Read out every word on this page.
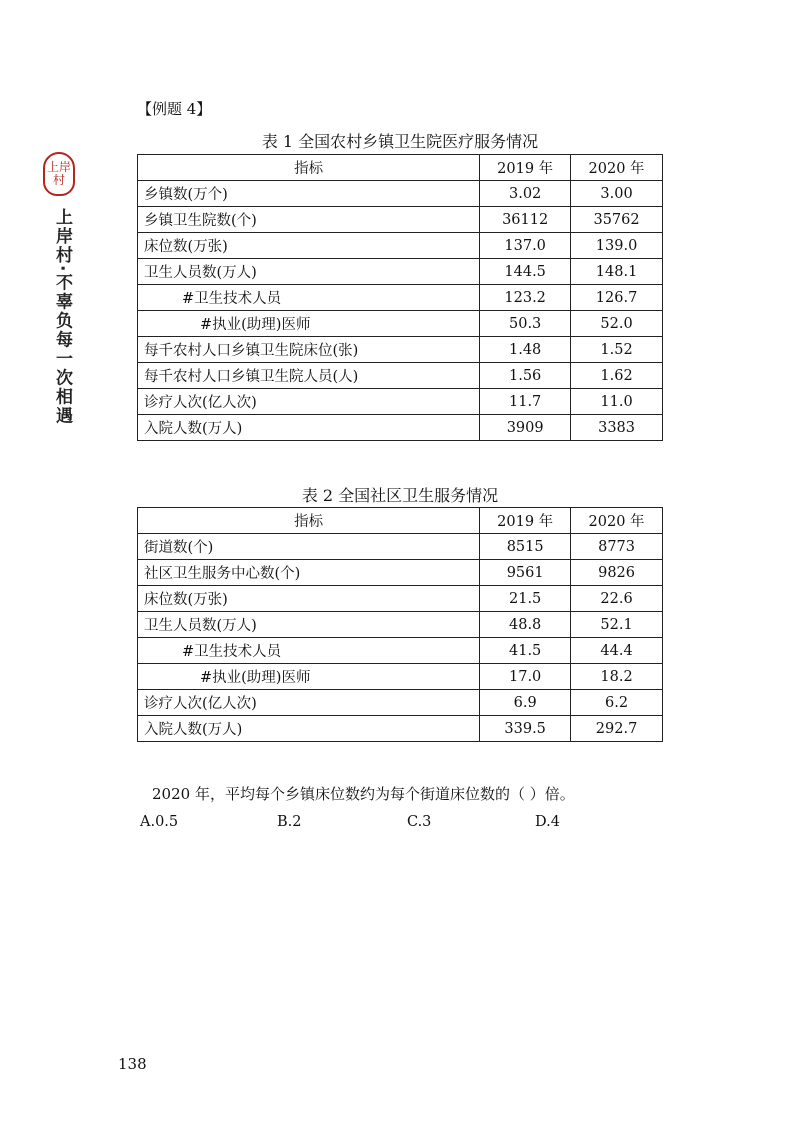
上岸村
上岸村·不辜负每一次相遇
【例题 4】
表 1 全国农村乡镇卫生院医疗服务情况
指标	2019 年	2020 年
乡镇数(万个)	3.02	3.00
乡镇卫生院数(个)	36112	35762
床位数(万张)	137.0	139.0
卫生人员数(万人)	144.5	148.1
#卫生技术人员	123.2	126.7
#执业(助理)医师	50.3	52.0
每千农村人口乡镇卫生院床位(张)	1.48	1.52
每千农村人口乡镇卫生院人员(人)	1.56	1.62
诊疗人次(亿人次)	11.7	11.0
入院人数(万人)	3909	3383
表 2 全国社区卫生服务情况
指标	2019 年	2020 年
街道数(个)	8515	8773
社区卫生服务中心数(个)	9561	9826
床位数(万张)	21.5	22.6
卫生人员数(万人)	48.8	52.1
#卫生技术人员	41.5	44.4
#执业(助理)医师	17.0	18.2
诊疗人次(亿人次)	6.9	6.2
入院人数(万人)	339.5	292.7
2020 年，平均每个乡镇床位数约为每个街道床位数的（ ）倍。
A.0.5	B.2	C.3	D.4
138
